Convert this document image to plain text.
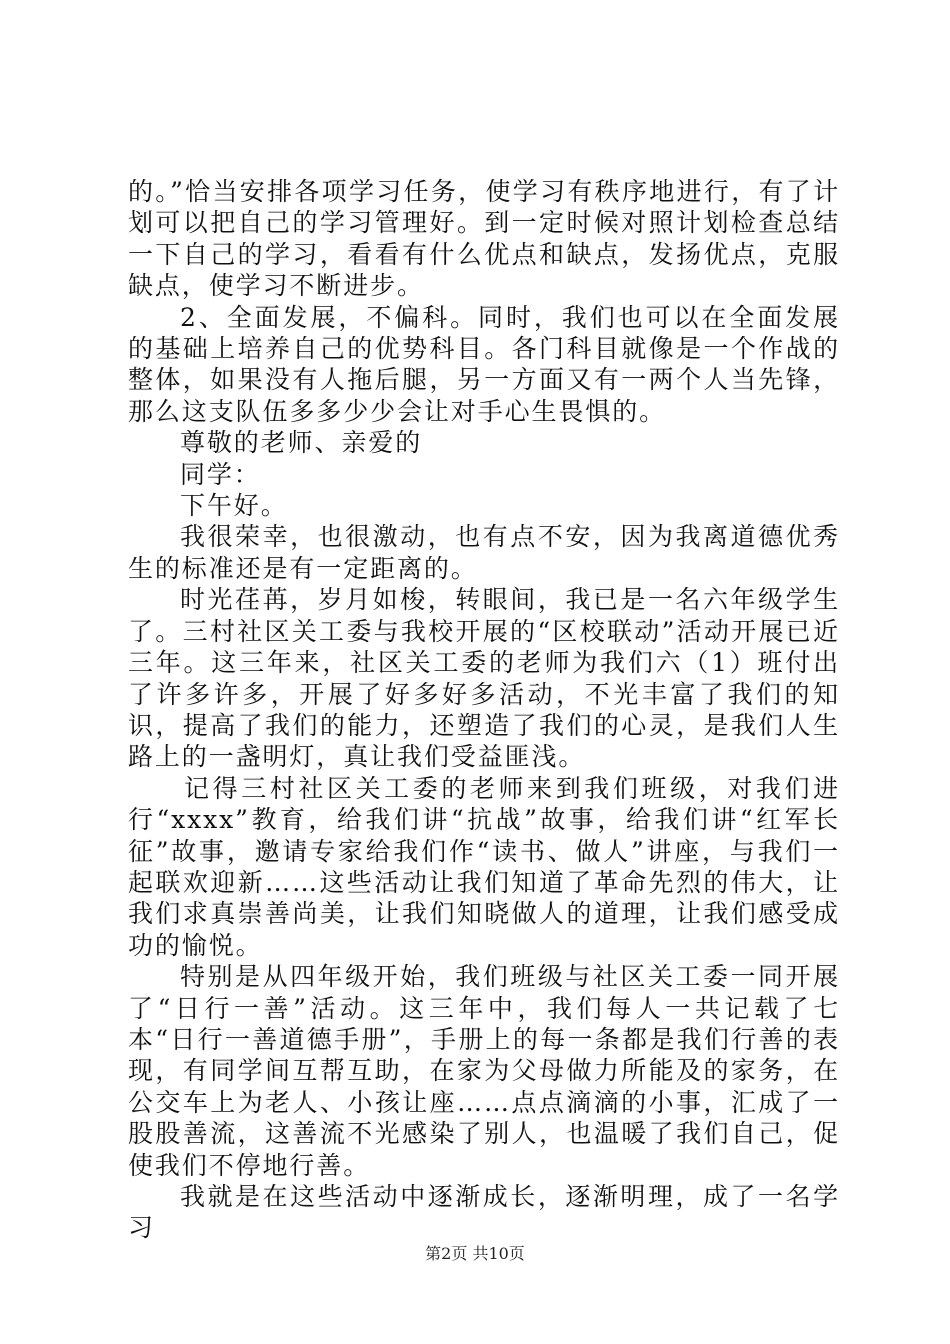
的。”恰当安排各项学习任务，使学习有秩序地进行，有了计划可以把自己的学习管理好。到一定时候对照计划检查总结一下自己的学习，看看有什么优点和缺点，发扬优点，克服缺点，使学习不断进步。

2、全面发展，不偏科。同时，我们也可以在全面发展的基础上培养自己的优势科目。各门科目就像是一个作战的整体，如果没有人拖后腿，另一方面又有一两个人当先锋，那么这支队伍多多少少会让对手心生畏惧的。

尊敬的老师、亲爱的

同学：

下午好。

我很荣幸，也很激动，也有点不安，因为我离道德优秀生的标准还是有一定距离的。

时光荏苒，岁月如梭，转眼间，我已是一名六年级学生了。三村社区关工委与我校开展的“区校联动”活动开展已近三年。这三年来，社区关工委的老师为我们六（1）班付出了许多许多，开展了好多好多活动，不光丰富了我们的知识，提高了我们的能力，还塑造了我们的心灵，是我们人生路上的一盏明灯，真让我们受益匪浅。

记得三村社区关工委的老师来到我们班级，对我们进行“xxxx”教育，给我们讲“抗战”故事，给我们讲“红军长征”故事，邀请专家给我们作“读书、做人”讲座，与我们一起联欢迎新……这些活动让我们知道了革命先烈的伟大，让我们求真崇善尚美，让我们知晓做人的道理，让我们感受成功的愉悦。

特别是从四年级开始，我们班级与社区关工委一同开展了“日行一善”活动。这三年中，我们每人一共记载了七本“日行一善道德手册”，手册上的每一条都是我们行善的表现，有同学间互帮互助，在家为父母做力所能及的家务，在公交车上为老人、小孩让座……点点滴滴的小事，汇成了一股股善流，这善流不光感染了别人，也温暖了我们自己，促使我们不停地行善。

我就是在这些活动中逐渐成长，逐渐明理，成了一名学习

第2页 共10页
